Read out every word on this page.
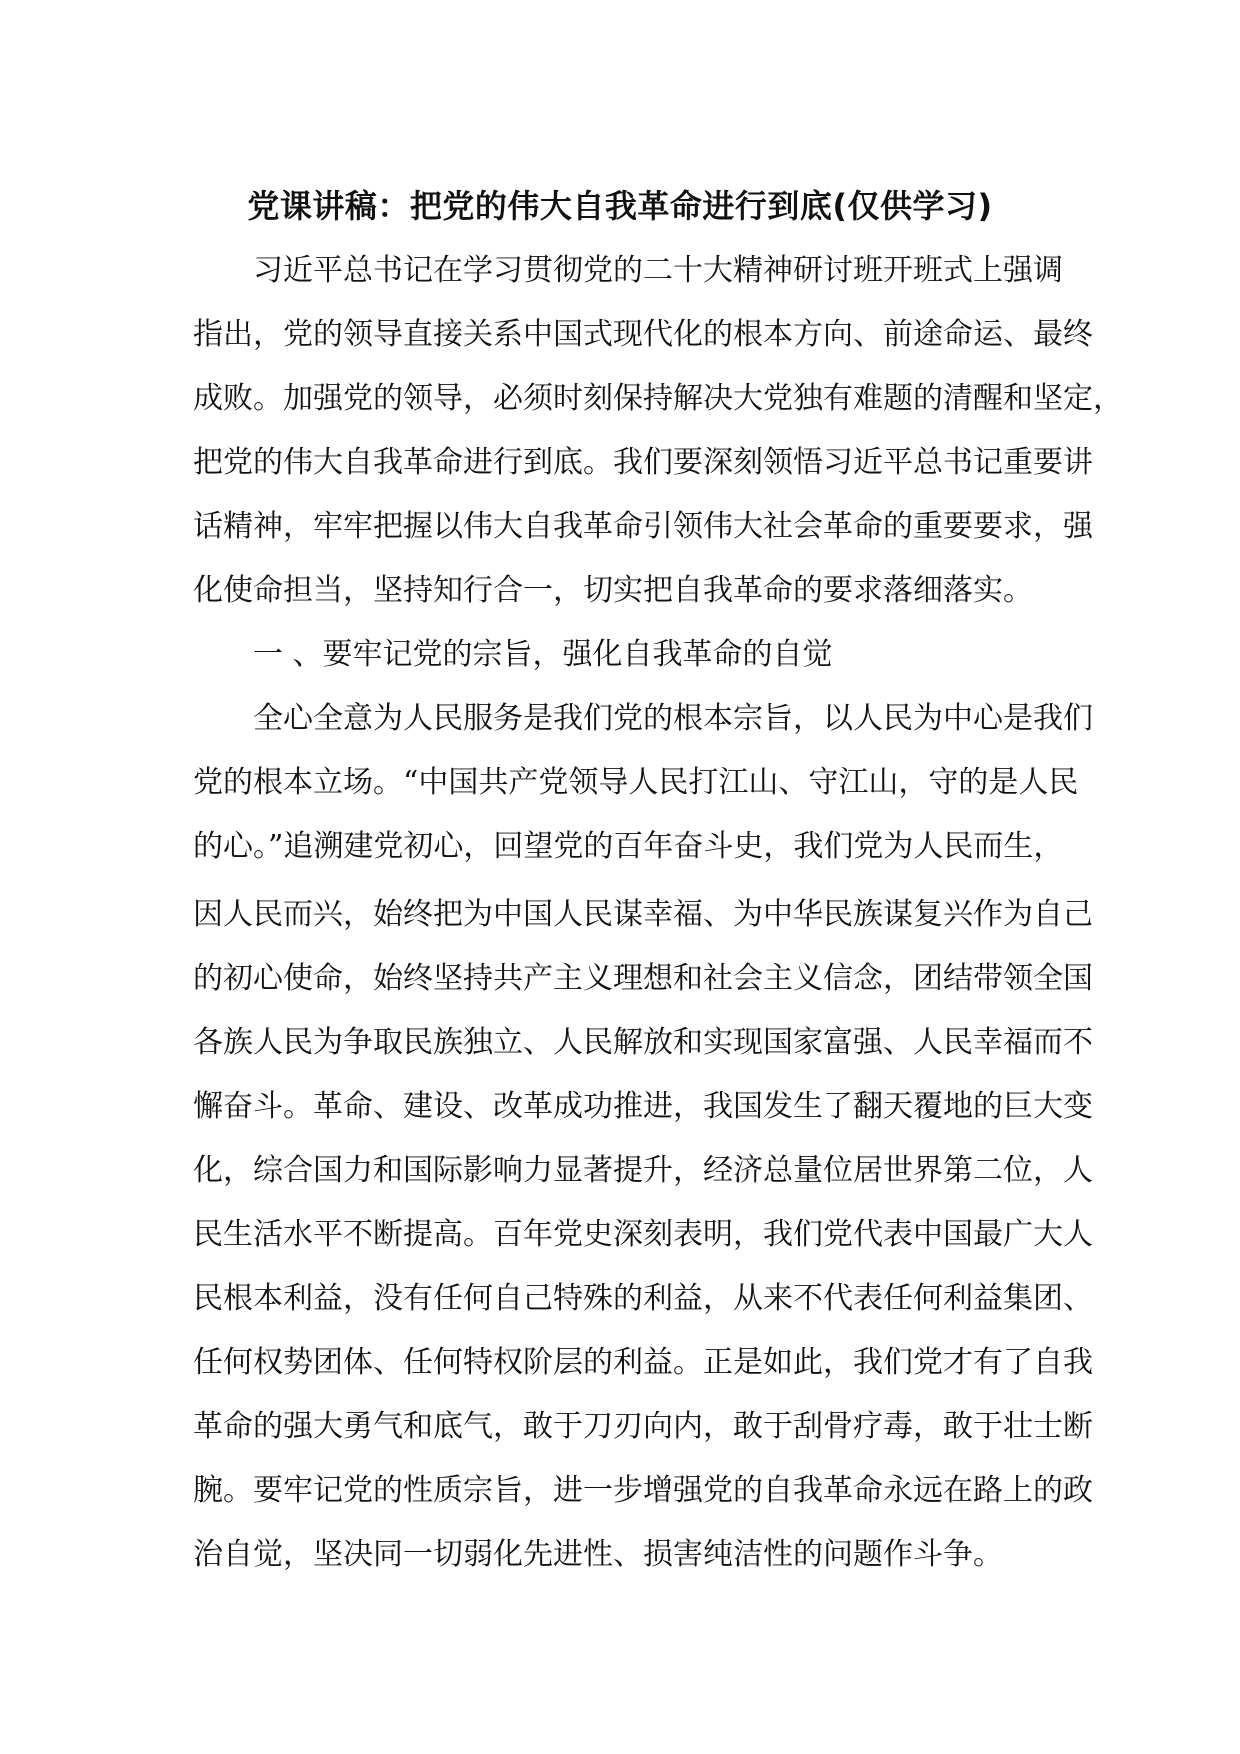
党课讲稿：把党的伟大自我革命进行到底(仅供学习)
习近平总书记在学习贯彻党的二十大精神研讨班开班式上强调
指出，党的领导直接关系中国式现代化的根本方向、前途命运、最终
成败。加强党的领导，必须时刻保持解决大党独有难题的清醒和坚定，
把党的伟大自我革命进行到底。我们要深刻领悟习近平总书记重要讲
话精神，牢牢把握以伟大自我革命引领伟大社会革命的重要要求，强
化使命担当，坚持知行合一，切实把自我革命的要求落细落实。
一 、要牢记党的宗旨，强化自我革命的自觉
全心全意为人民服务是我们党的根本宗旨，以人民为中心是我们
党的根本立场。“中国共产党领导人民打江山、守江山，守的是人民
的心。”追溯建党初心，回望党的百年奋斗史，我们党为人民而生，
因人民而兴，始终把为中国人民谋幸福、为中华民族谋复兴作为自己
的初心使命，始终坚持共产主义理想和社会主义信念，团结带领全国
各族人民为争取民族独立、人民解放和实现国家富强、人民幸福而不
懈奋斗。革命、建设、改革成功推进，我国发生了翻天覆地的巨大变
化，综合国力和国际影响力显著提升，经济总量位居世界第二位，人
民生活水平不断提高。百年党史深刻表明，我们党代表中国最广大人
民根本利益，没有任何自己特殊的利益，从来不代表任何利益集团、
任何权势团体、任何特权阶层的利益。正是如此，我们党才有了自我
革命的强大勇气和底气，敢于刀刃向内，敢于刮骨疗毒，敢于壮士断
腕。要牢记党的性质宗旨，进一步增强党的自我革命永远在路上的政
治自觉，坚决同一切弱化先进性、损害纯洁性的问题作斗争。
